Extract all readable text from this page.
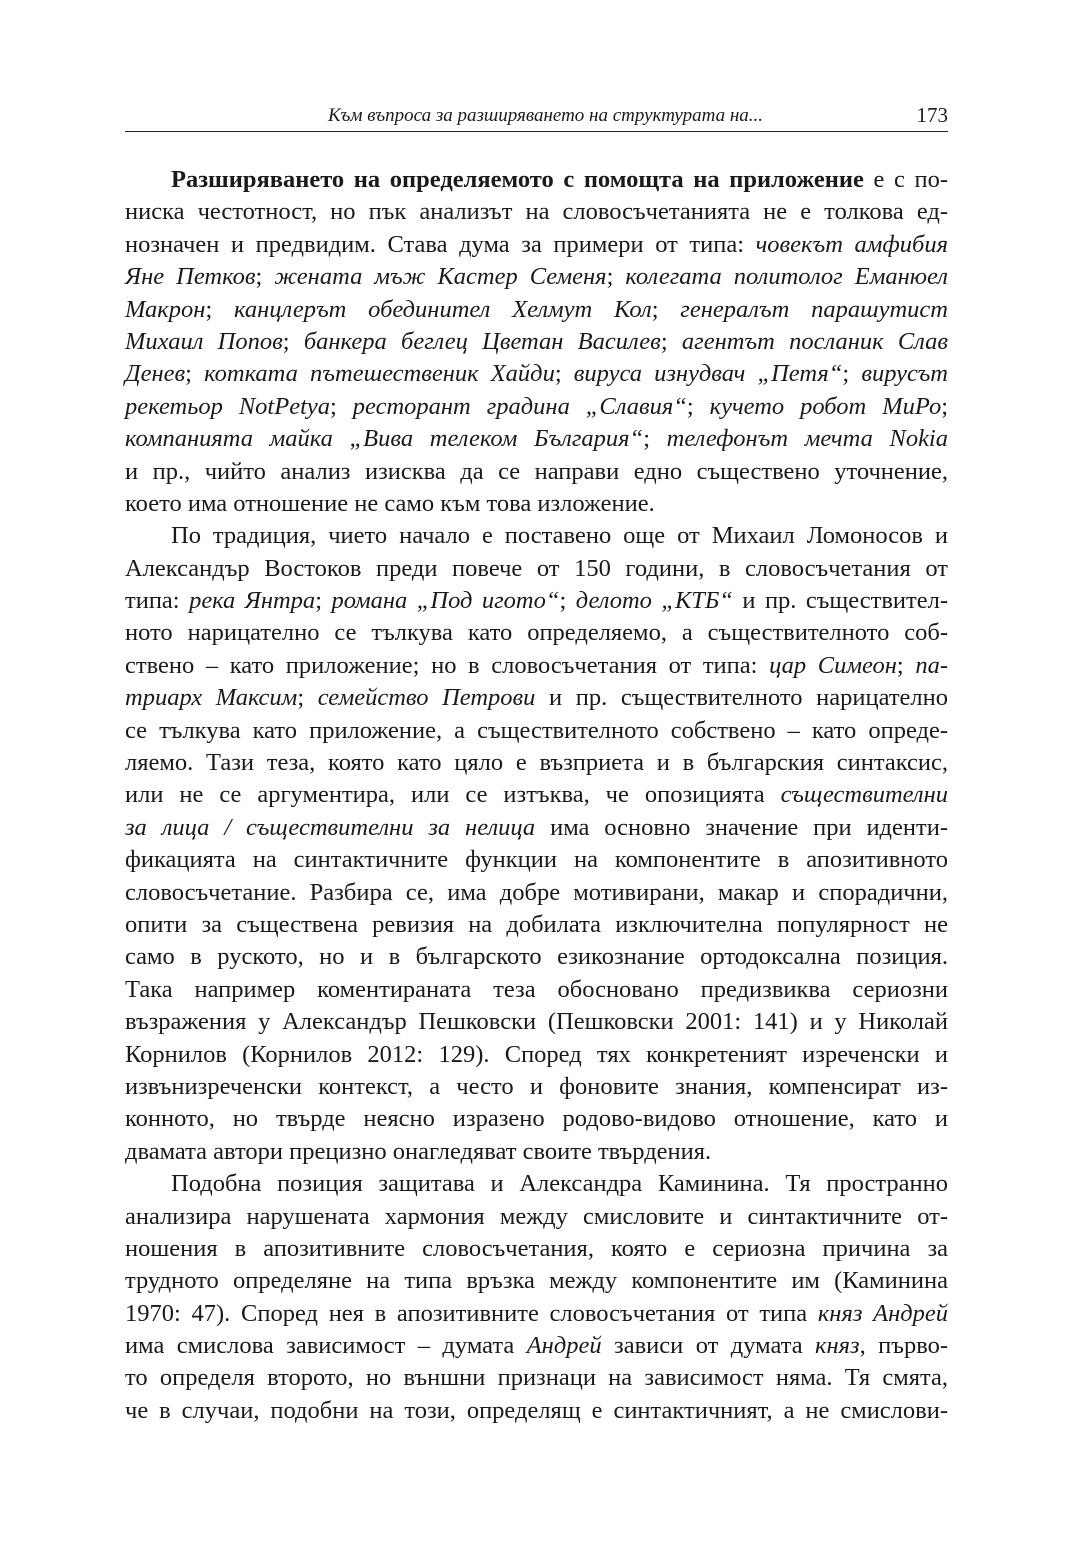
Към въпроса за разширяването на структурата на...	173
Разширяването на определяемото с помощта на приложение е с по-
ниска честотност, но пък анализът на словосъчетанията не е толкова ед-
нозначен и предвидим. Става дума за примери от типа: човекът амфибия
Яне Петков; жената мъж Кастер Семеня; колегата политолог Еманюел
Макрон; канцлерът обединител Хелмут Кол; генералът парашутист
Михаил Попов; банкера беглец Цветан Василев; агентът посланик Слав
Денев; котката пътешественик Хайди; вируса изнудвач „Петя“; вирусът
рекетьор NotPetya; ресторант градина „Славия“; кучето робот МиРо;
компанията майка „Вива телеком България“; телефонът мечта Nokia
и пр., чийто анализ изисква да се направи едно съществено уточнение,
което има отношение не само към това изложение.
По традиция, чието начало е поставено още от Михаил Ломоносов и
Александър Востоков преди повече от 150 години, в словосъчетания от
типа: река Янтра; романа „Под игото“; делото „КТБ“ и пр. съществител-
ното нарицателно се тълкува като определяемо, а съществителното соб-
ствено – като приложение; но в словосъчетания от типа: цар Симеон; па-
триарх Максим; семейство Петрови и пр. съществителното нарицателно
се тълкува като приложение, а съществителното собствено – като опреде-
ляемо. Тази теза, която като цяло е възприета и в българския синтаксис,
или не се аргументира, или се изтъква, че опозицията съществителни
за лица / съществителни за нелица има основно значение при иденти-
фикацията на синтактичните функции на компонентите в апозитивното
словосъчетание. Разбира се, има добре мотивирани, макар и спорадични,
опити за съществена ревизия на добилата изключителна популярност не
само в руското, но и в българското езикознание ортодоксална позиция.
Така например коментираната теза обосновано предизвиква сериозни
възражения у Александър Пешковски (Пешковски 2001: 141) и у Николай
Корнилов (Корнилов 2012: 129). Според тях конкретеният изреченски и
извънизреченски контекст, а често и фоновите знания, компенсират из-
конното, но твърде неясно изразено родово-видово отношение, като и
двамата автори прецизно онагледяват своите твърдения.
Подобна позиция защитава и Александра Каминина. Тя пространно
анализира нарушената хармония между смисловите и синтактичните от-
ношения в апозитивните словосъчетания, която е сериозна причина за
трудното определяне на типа връзка между компонентите им (Каминина
1970: 47). Според нея в апозитивните словосъчетания от типа княз Андрей
има смислова зависимост – думата Андрей зависи от думата княз, първо-
то определя второто, но външни признаци на зависимост няма. Тя смята,
че в случаи, подобни на този, определящ е синтактичният, а не смислови-
